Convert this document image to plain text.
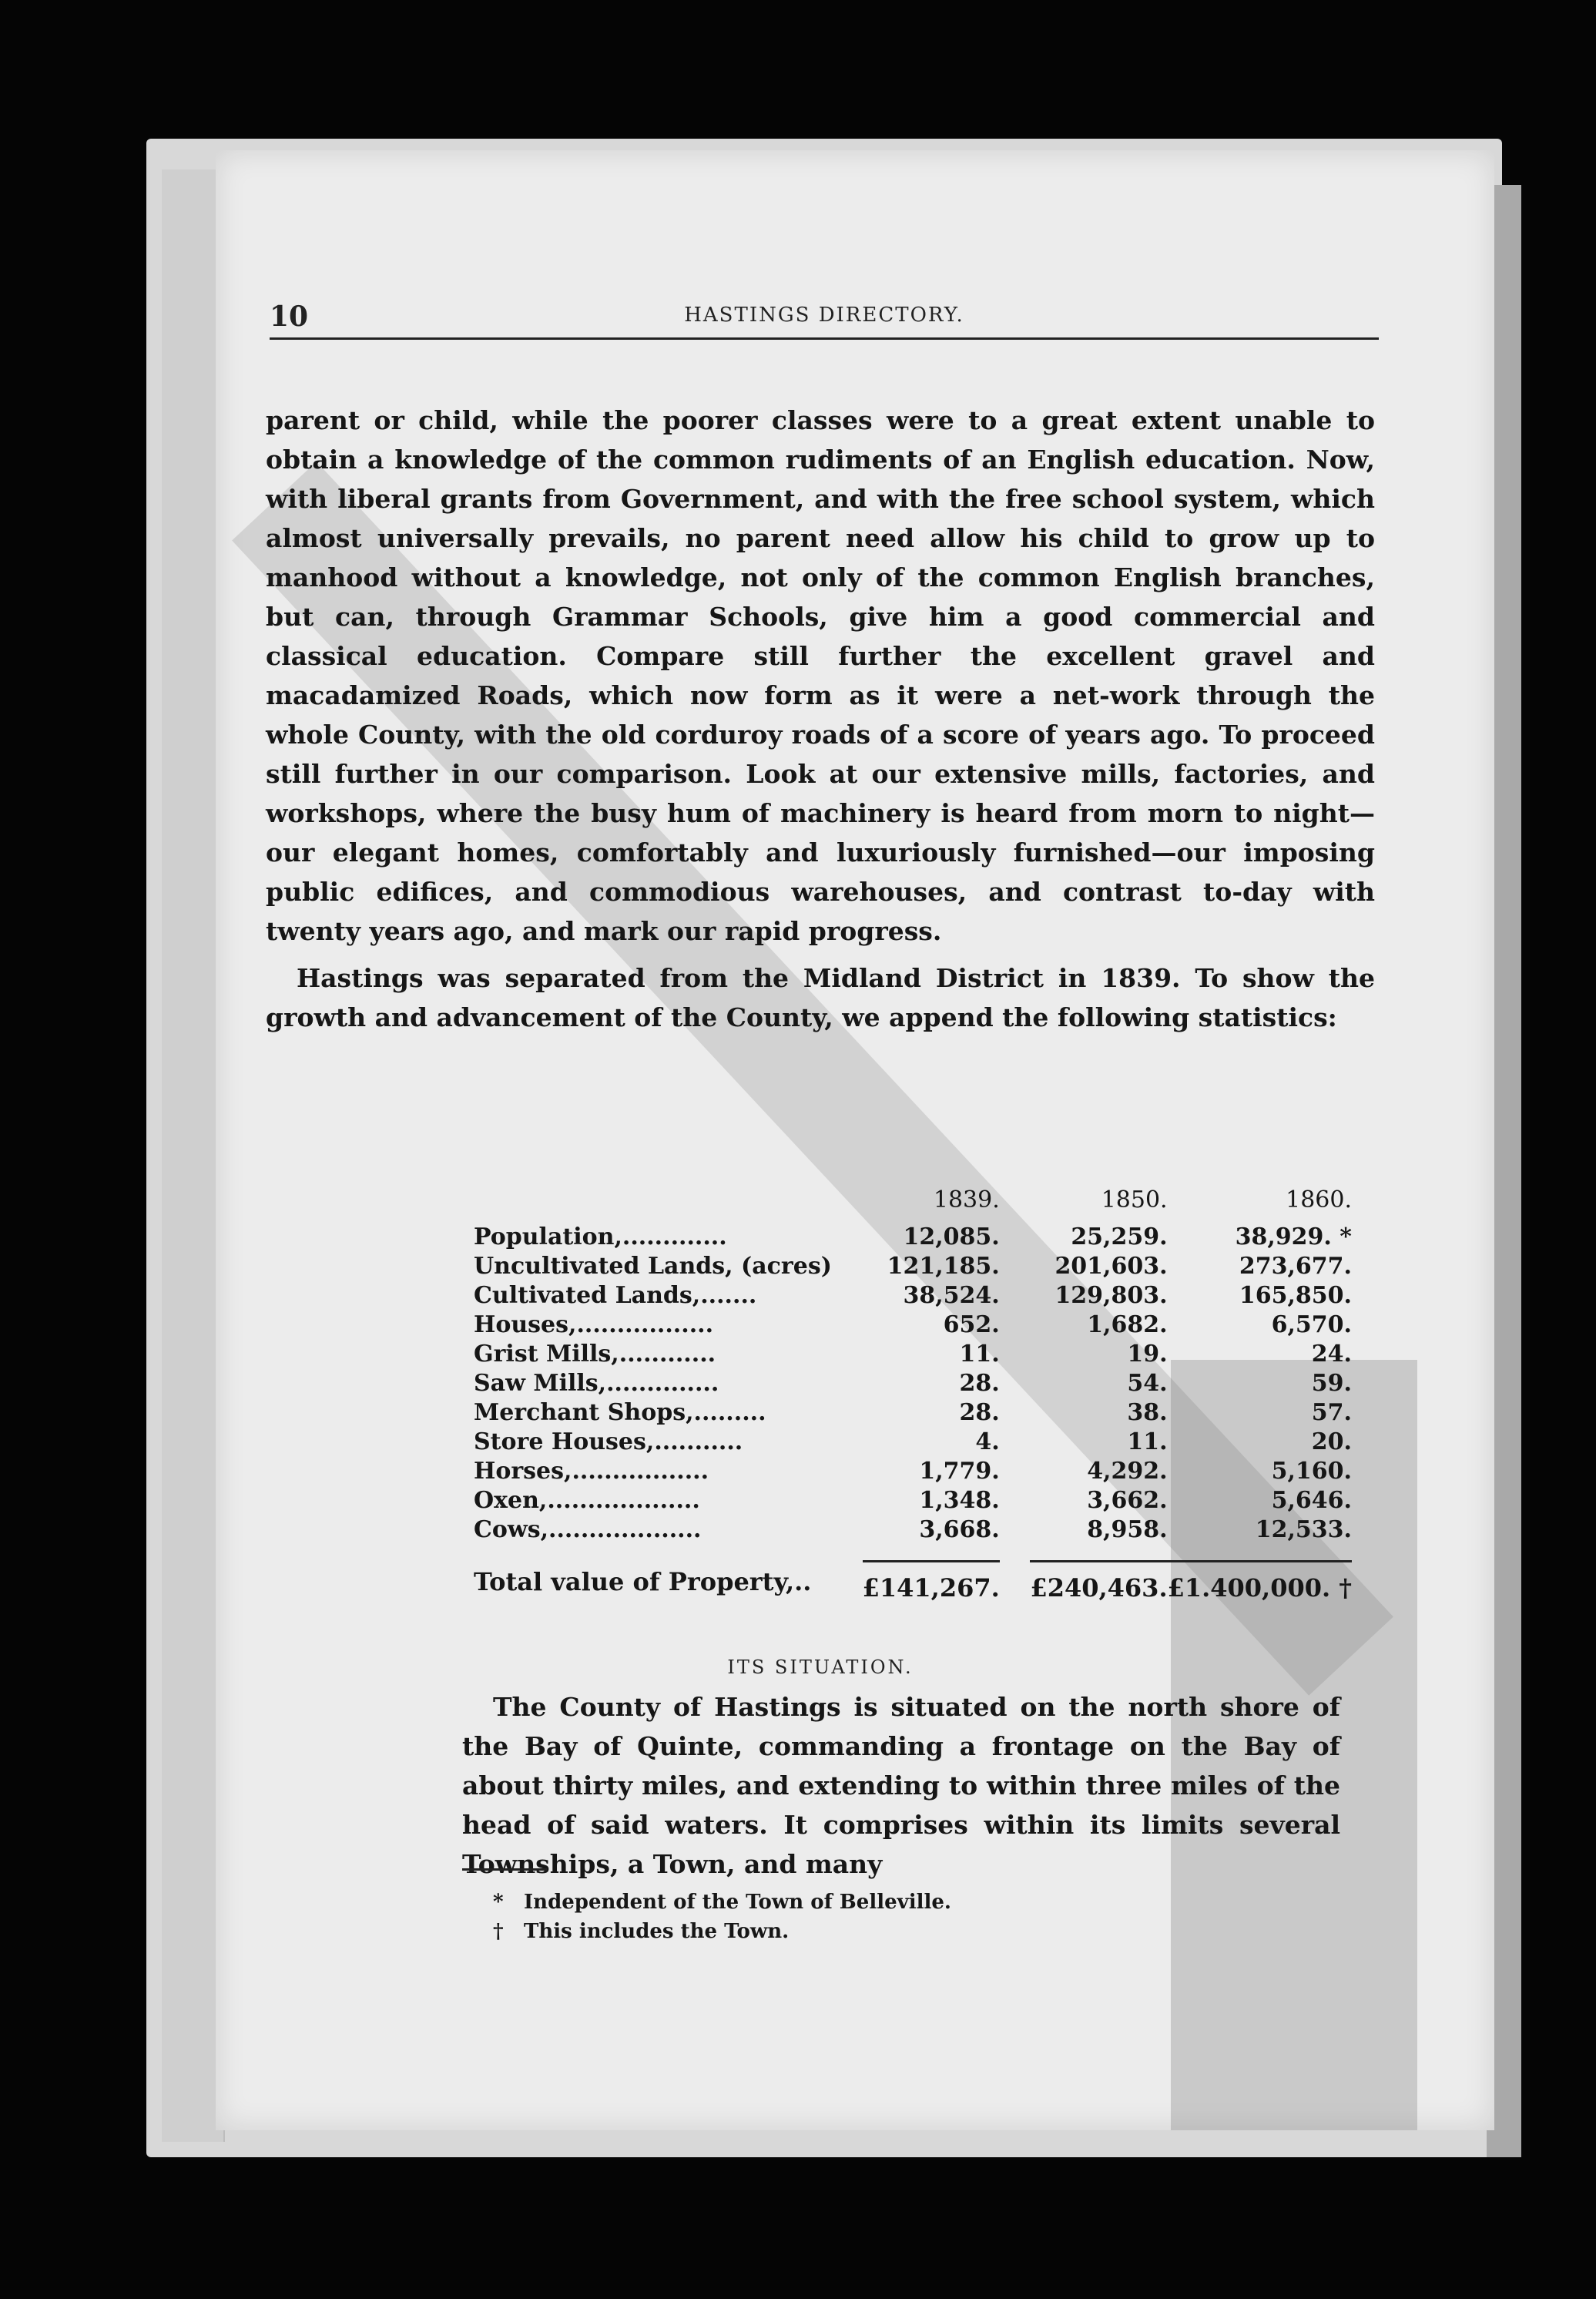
10	HASTINGS DIRECTORY.

parent or child, while the poorer classes were to a great extent unable to obtain a knowledge of the common rudiments of an English education. Now, with liberal grants from Government, and with the free school system, which almost universally prevails, no parent need allow his child to grow up to manhood without a knowledge, not only of the common English branches, but can, through Grammar Schools, give him a good commercial and classical education. Compare still further the excellent gravel and macadamized Roads, which now form as it were a net-work through the whole County, with the old corduroy roads of a score of years ago. To proceed still further in our comparison. Look at our extensive mills, factories, and workshops, where the busy hum of machinery is heard from morn to night—our elegant homes, comfortably and luxuriously furnished—our imposing public edifices, and commodious warehouses, and contrast to-day with twenty years ago, and mark our rapid progress.

Hastings was separated from the Midland District in 1839. To show the growth and advancement of the County, we append the following statistics:

	1839.	1850.	1860.
Population,.............	12,085.	25,259.	38,929. *
Uncultivated Lands, (acres)	121,185.	201,603.	273,677.
Cultivated Lands,.......	38,524.	129,803.	165,850.
Houses,.................	652.	1,682.	6,570.
Grist Mills,............	11.	19.	24.
Saw Mills,..............	28.	54.	59.
Merchant Shops,.........	28.	38.	57.
Store Houses,...........	4.	11.	20.
Horses,.................	1,779.	4,292.	5,160.
Oxen,...................	1,348.	3,662.	5,646.
Cows,...................	3,668.	8,958.	12,533.
Total value of Property,..	£141,267.	£240,463.	£1.400,000. †
ITS SITUATION.
The County of Hastings is situated on the north shore of the Bay of Quinte, commanding a frontage on the Bay of about thirty miles, and extending to within three miles of the head of said waters. It comprises within its limits several Townships, a Town, and many
* Independent of the Town of Belleville.
† This includes the Town.
